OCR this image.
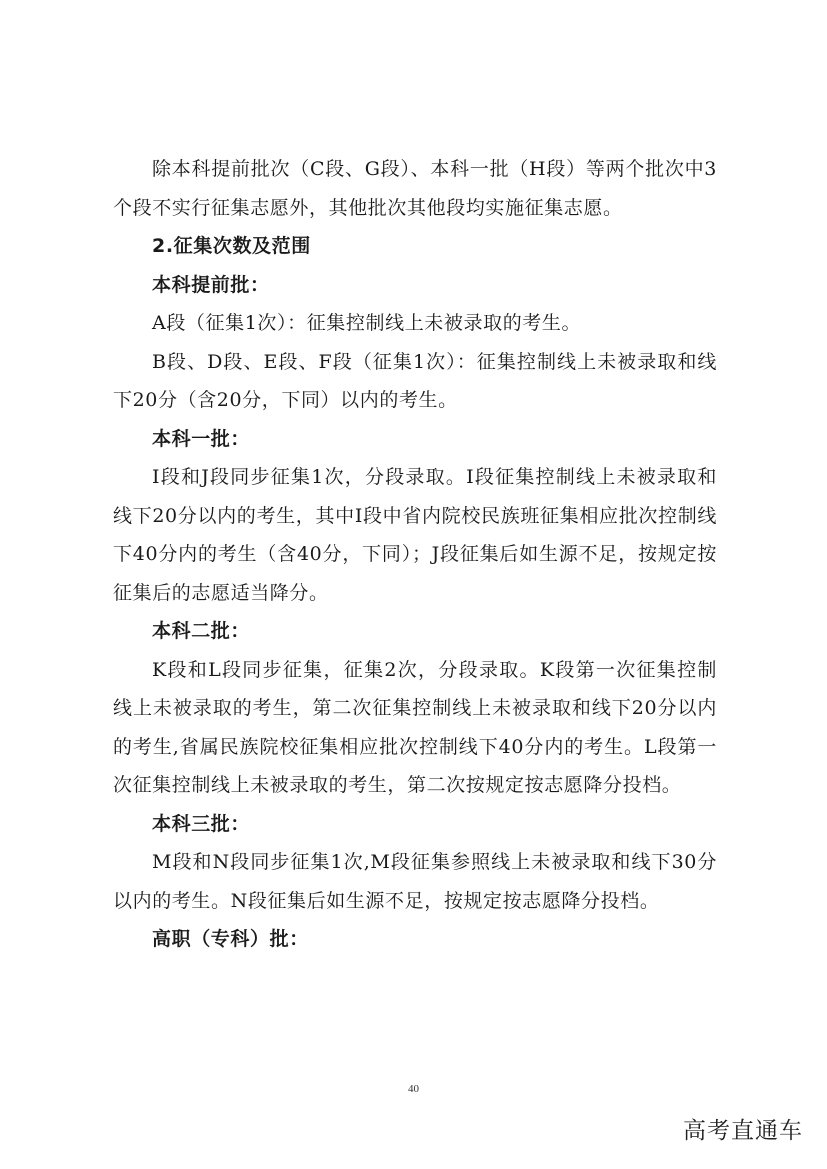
除本科提前批次（C段、G段）、本科一批（H段）等两个批次中3个段不实行征集志愿外，其他批次其他段均实施征集志愿。

2.征集次数及范围

本科提前批：

A段（征集1次）：征集控制线上未被录取的考生。

B段、D段、E段、F段（征集1次）：征集控制线上未被录取和线下20分（含20分，下同）以内的考生。

本科一批：

I段和J段同步征集1次，分段录取。I段征集控制线上未被录取和线下20分以内的考生，其中I段中省内院校民族班征集相应批次控制线下40分内的考生（含40分，下同）；J段征集后如生源不足，按规定按征集后的志愿适当降分。

本科二批：

K段和L段同步征集，征集2次，分段录取。K段第一次征集控制线上未被录取的考生，第二次征集控制线上未被录取和线下20分以内的考生,省属民族院校征集相应批次控制线下40分内的考生。L段第一次征集控制线上未被录取的考生，第二次按规定按志愿降分投档。

本科三批：

M段和N段同步征集1次,M段征集参照线上未被录取和线下30分以内的考生。N段征集后如生源不足，按规定按志愿降分投档。

高职（专科）批：

40
高考直通车
